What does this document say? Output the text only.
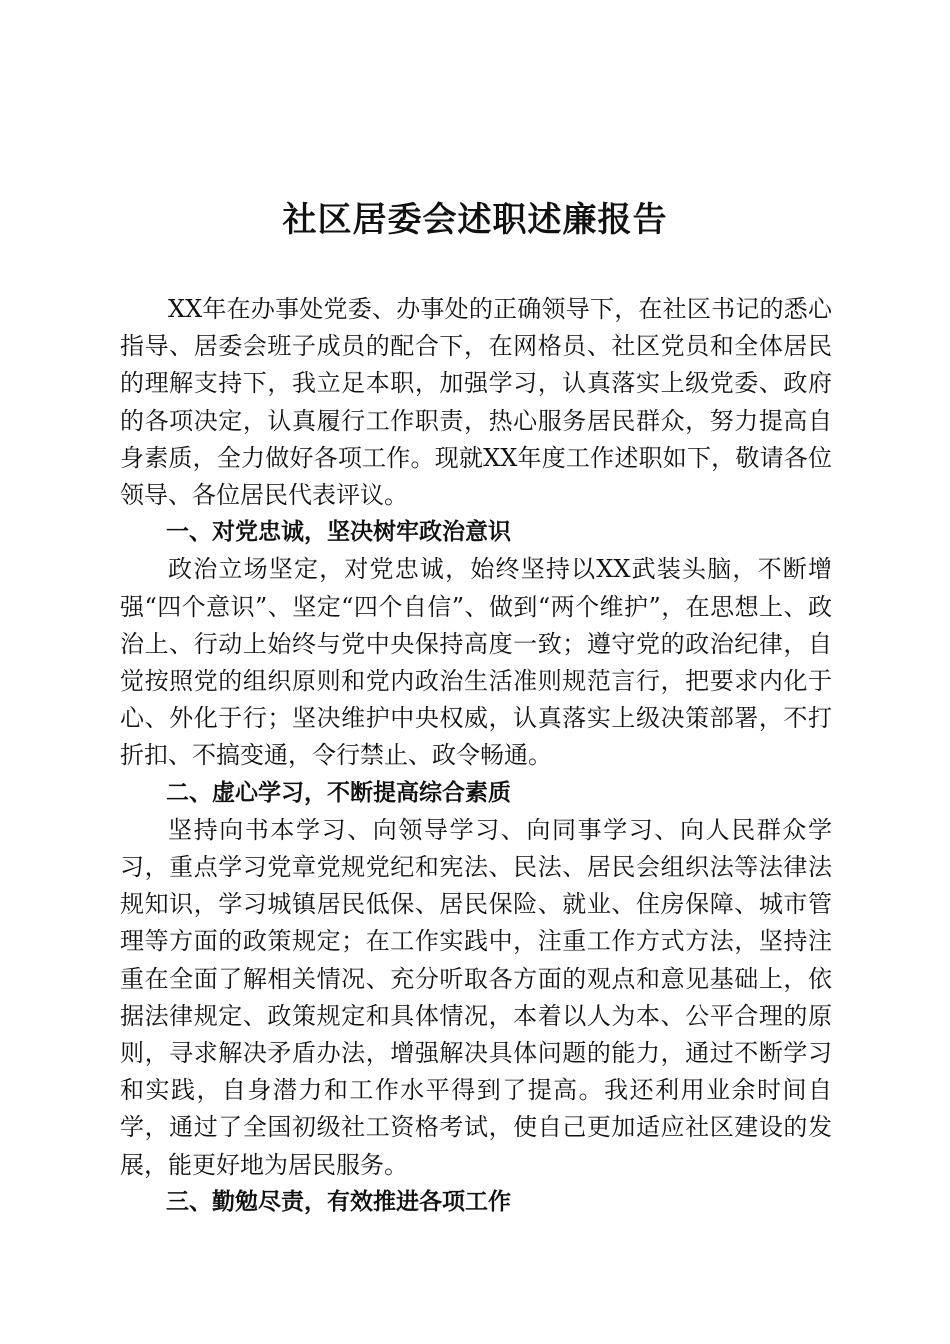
社区居委会述职述廉报告

XX年在办事处党委、办事处的正确领导下，在社区书记的悉心指导、居委会班子成员的配合下，在网格员、社区党员和全体居民的理解支持下，我立足本职，加强学习，认真落实上级党委、政府的各项决定，认真履行工作职责，热心服务居民群众，努力提高自身素质，全力做好各项工作。现就XX年度工作述职如下，敬请各位领导、各位居民代表评议。

一、对党忠诚，坚决树牢政治意识

政治立场坚定，对党忠诚，始终坚持以XX武装头脑，不断增强“四个意识”、坚定“四个自信”、做到“两个维护”，在思想上、政治上、行动上始终与党中央保持高度一致；遵守党的政治纪律，自觉按照党的组织原则和党内政治生活准则规范言行，把要求内化于心、外化于行；坚决维护中央权威，认真落实上级决策部署，不打折扣、不搞变通，令行禁止、政令畅通。

二、虚心学习，不断提高综合素质

坚持向书本学习、向领导学习、向同事学习、向人民群众学习，重点学习党章党规党纪和宪法、民法、居民会组织法等法律法规知识，学习城镇居民低保、居民保险、就业、住房保障、城市管理等方面的政策规定；在工作实践中，注重工作方式方法，坚持注重在全面了解相关情况、充分听取各方面的观点和意见基础上，依据法律规定、政策规定和具体情况，本着以人为本、公平合理的原则，寻求解决矛盾办法，增强解决具体问题的能力，通过不断学习和实践，自身潜力和工作水平得到了提高。我还利用业余时间自学，通过了全国初级社工资格考试，使自己更加适应社区建设的发展，能更好地为居民服务。

三、勤勉尽责，有效推进各项工作
